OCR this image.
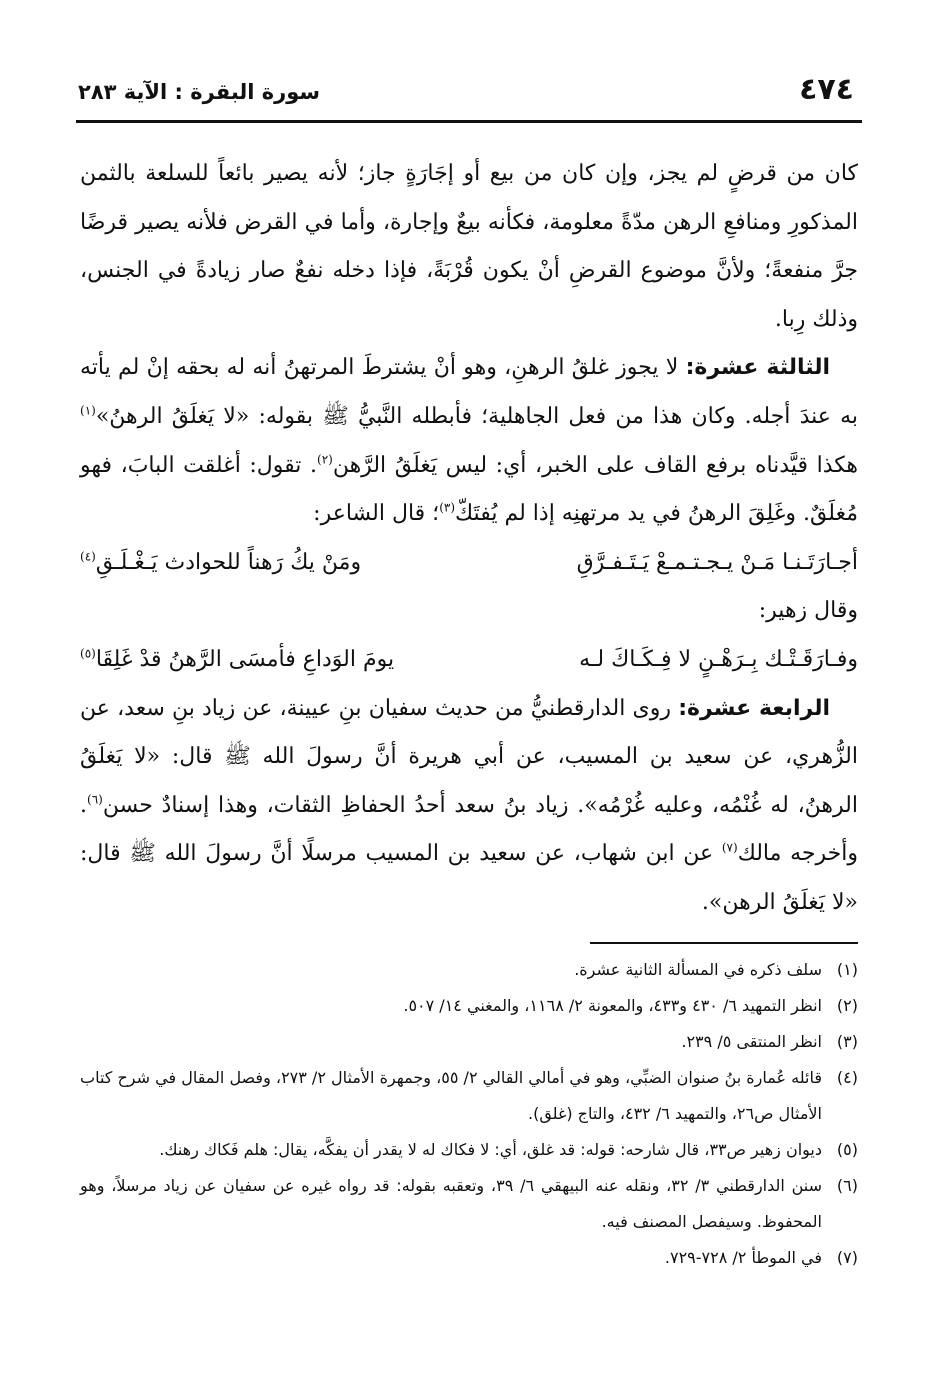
٤٧٤
سورة البقرة : الآية ٢٨٣

كان من قرضٍ لم يجز، وإن كان من بيع أو إجَارَةٍ جاز؛ لأنه يصير بائعاً للسلعة بالثمن المذكورِ ومنافعِ الرهن مدّةً معلومة، فكأنه بيعٌ وإجارة، وأما في القرض فلأنه يصير قرضًا جرَّ منفعةً؛ ولأنَّ موضوع القرضِ أنْ يكون قُرْبَةً، فإذا دخله نفعٌ صار زيادةً في الجنس، وذلك رِبا.

الثالثة عشرة: لا يجوز غلقُ الرهنِ، وهو أنْ يشترطَ المرتهنُ أنه له بحقه إنْ لم يأته به عندَ أجله. وكان هذا من فعل الجاهلية؛ فأبطله النَّبيُّ ﷺ بقوله: «لا يَغلَقُ الرهنُ»$^{(١)}$ هكذا قيَّدناه برفع القاف على الخبر، أي: ليس يَغلَقُ الرَّهن$^{(٢)}$. تقول: أغلقت البابَ، فهو مُغلَقٌ. وغَلِقَ الرهنُ في يد مرتهنِه إذا لم يُفتَكّ$^{(٣)}$؛ قال الشاعر:

أجـارَتَـنـا مَـنْ يـجـتـمـعْ يَـتَـفـرَّقِ
ومَنْ يكُ رَهناً للحوادث يَـغْـلَـقِ$^{(٤)}$

وقال زهير:

وفـارَقَـتْـك بِـرَهْـنٍ لا فِـكَـاكَ لـه
يومَ الوَداعِ فأمسَى الرَّهنُ قدْ غَلِقَا$^{(٥)}$

الرابعة عشرة: روى الدارقطنيُّ من حديث سفيان بنِ عيينة، عن زياد بنِ سعد، عن الزُّهري، عن سعيد بن المسيب، عن أبي هريرة أنَّ رسولَ الله ﷺ قال: «لا يَغلَقُ الرهنُ، له غُنْمُه، وعليه غُرْمُه». زياد بنُ سعد أحدُ الحفاظِ الثقات، وهذا إسنادٌ حسن$^{(٦)}$. وأخرجه مالك$^{(٧)}$ عن ابن شهاب، عن سعيد بن المسيب مرسلًا أنَّ رسولَ الله ﷺ قال: «لا يَغلَقُ الرهن».

(١)
سلف ذكره في المسألة الثانية عشرة.
(٢)
انظر التمهيد ٦/ ٤٣٠ و٤٣٣، والمعونة ٢/ ١١٦٨، والمغني ١٤/ ٥٠٧.
(٣)
انظر المنتقى ٥/ ٢٣٩.
(٤)
قائله عُمارة بنُ صنوان الضبِّي، وهو في أمالي القالي ٢/ ٥٥، وجمهرة الأمثال ٢/ ٢٧٣، وفصل المقال في شرح كتاب الأمثال ص٢٦، والتمهيد ٦/ ٤٣٢، والتاج (غلق).
(٥)
ديوان زهير ص٣٣، قال شارحه: قوله: قد غلق، أي: لا فكاك له لا يقدر أن يفكَّه، يقال: هلم فَكاك رهنك.
(٦)
سنن الدارقطني ٣/ ٣٢، ونقله عنه البيهقي ٦/ ٣٩، وتعقبه بقوله: قد رواه غيره عن سفيان عن زياد مرسلاً، وهو المحفوظ. وسيفصل المصنف فيه.
(٧)
في الموطأ ٢/ ٧٢٨-٧٢٩.
